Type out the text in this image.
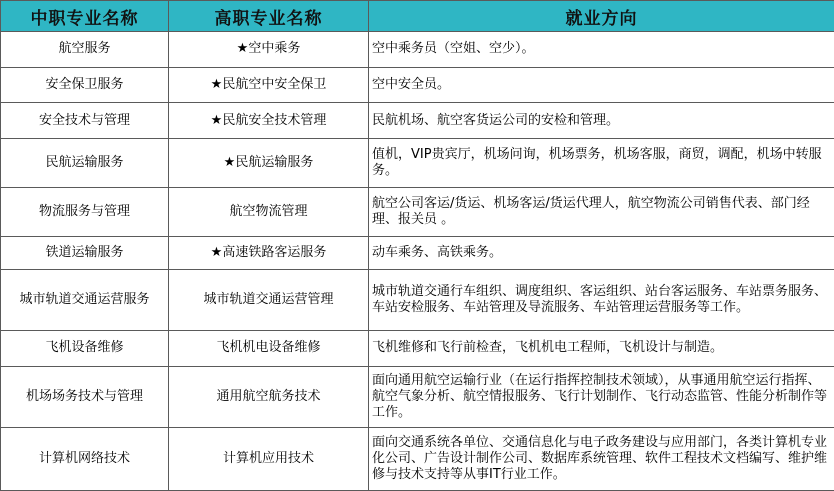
中职专业名称	高职专业名称	就业方向
航空服务	★空中乘务	空中乘务员（空姐、空少）。
安全保卫服务	★民航空中安全保卫	空中安全员。
安全技术与管理	★民航安全技术管理	民航机场、航空客货运公司的安检和管理。
民航运输服务	★民航运输服务	值机，VIP贵宾厅，机场问询，机场票务，机场客服，商贸，调配，机场中转服务。
物流服务与管理	航空物流管理	航空公司客运/货运、机场客运/货运代理人，航空物流公司销售代表、部门经理、报关员 。
铁道运输服务	★高速铁路客运服务	动车乘务、高铁乘务。
城市轨道交通运营服务	城市轨道交通运营管理	城市轨道交通行车组织、调度组织、客运组织、站台客运服务、车站票务服务、车站安检服务、车站管理及导流服务、车站管理运营服务等工作。
飞机设备维修	飞机机电设备维修	飞机维修和飞行前检查，飞机机电工程师，飞机设计与制造。
机场场务技术与管理	通用航空航务技术	面向通用航空运输行业（在运行指挥控制技术领域），从事通用航空运行指挥、航空气象分析、航空情报服务、飞行计划制作、飞行动态监管、性能分析制作等工作。
计算机网络技术	计算机应用技术	面向交通系统各单位、交通信息化与电子政务建设与应用部门，各类计算机专业化公司、广告设计制作公司、数据库系统管理、软件工程技术文档编写、维护维修与技术支持等从事IT行业工作。
